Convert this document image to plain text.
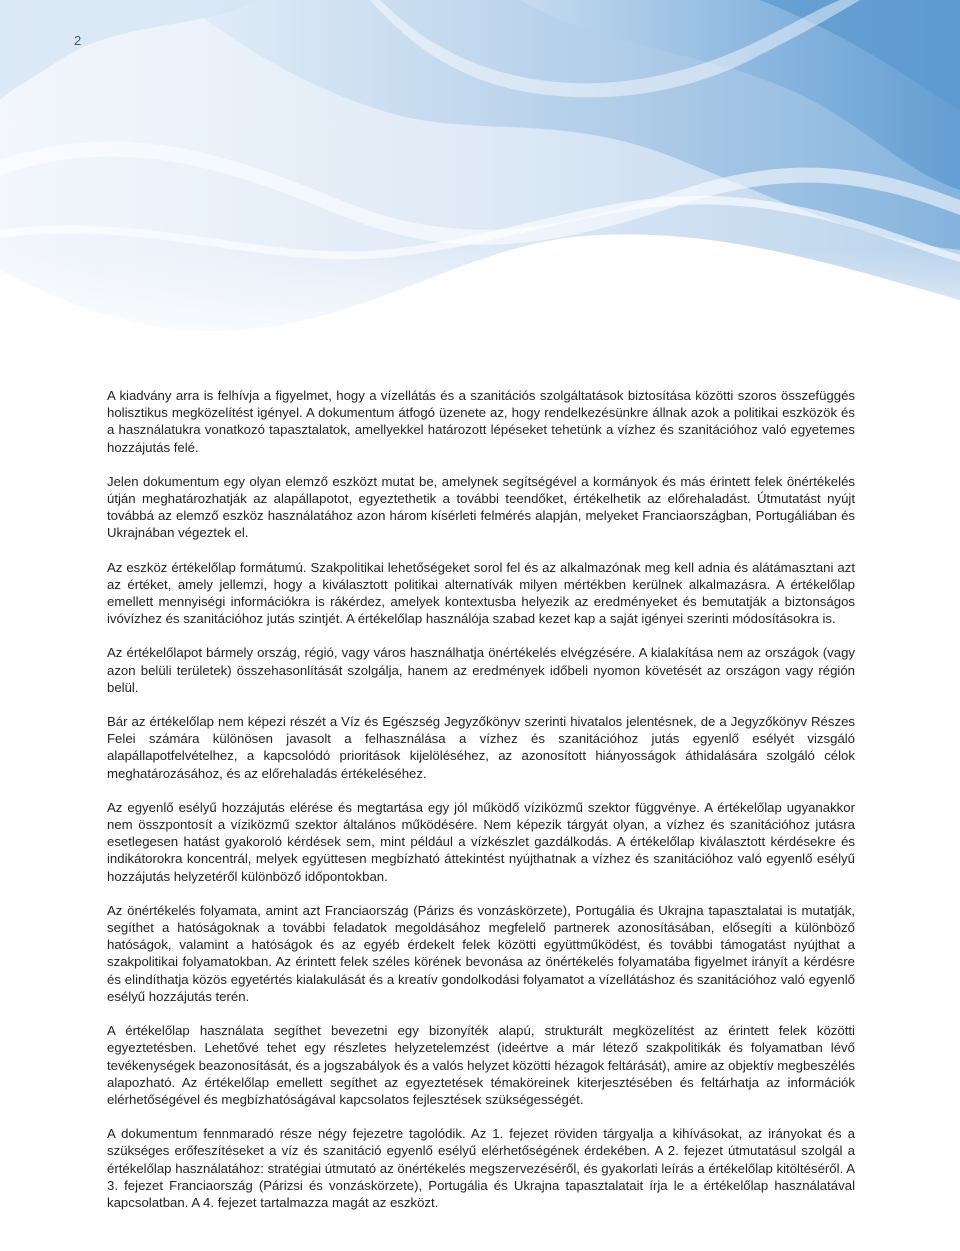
2

A kiadvány arra is felhívja a figyelmet, hogy a vízellátás és a szanitációs szolgáltatások biztosítása közötti szoros összefüggés holisztikus megközelítést igényel. A dokumentum átfogó üzenete az, hogy rendelkezésünkre állnak azok a politikai eszközök és a használatukra vonatkozó tapasztalatok, amellyekkel határozott lépéseket tehetünk a vízhez és szanitációhoz való egyetemes hozzájutás felé.

Jelen dokumentum egy olyan elemző eszközt mutat be, amelynek segítségével a kormányok és más érintett felek önértékelés útján meghatározhatják az alapállapotot, egyeztethetik a további teendőket, értékelhetik az előrehaladást. Útmutatást nyújt továbbá az elemző eszköz használatához azon három kísérleti felmérés alapján, melyeket Franciaországban, Portugáliában és Ukrajnában végeztek el.

Az eszköz értékelőlap formátumú. Szakpolitikai lehetőségeket sorol fel és az alkalmazónak meg kell adnia és alátámasztani azt az értéket, amely jellemzi, hogy a kiválasztott politikai alternatívák milyen mértékben kerülnek alkalmazásra. A értékelőlap emellett mennyiségi információkra is rákérdez, amelyek kontextusba helyezik az eredményeket és bemutatják a biztonságos ivóvízhez és szanitációhoz jutás szintjét. A értékelőlap használója szabad kezet kap a saját igényei szerinti módosításokra is.

Az értékelőlapot bármely ország, régió, vagy város használhatja önértékelés elvégzésére. A kialakítása nem az országok (vagy azon belüli területek) összehasonlítását szolgálja, hanem az eredmények időbeli nyomon követését az országon vagy régión belül.

Bár az értékelőlap nem képezi részét a Víz és Egészség Jegyzőkönyv szerinti hivatalos jelentésnek, de a Jegyzőkönyv Részes Felei számára különösen javasolt a felhasználása a vízhez és szanitációhoz jutás egyenlő esélyét vizsgáló alapállapotfelvételhez, a kapcsolódó prioritások kijelöléséhez, az azonosított hiányosságok áthidalására szolgáló célok meghatározásához, és az előrehaladás értékeléséhez.

Az egyenlő esélyű hozzájutás elérése és megtartása egy jól működő víziközmű szektor függvénye. A értékelőlap ugyanakkor nem összpontosít a víziközmű szektor általános működésére. Nem képezik tárgyát olyan, a vízhez és szanitációhoz jutásra esetlegesen hatást gyakoroló kérdések sem, mint például a vízkészlet gazdálkodás. A értékelőlap kiválasztott kérdésekre és indikátorokra koncentrál, melyek együttesen megbízható áttekintést nyújthatnak a vízhez és szanitációhoz való egyenlő esélyű hozzájutás helyzetéről különböző időpontokban.

Az önértékelés folyamata, amint azt Franciaország (Párizs és vonzáskörzete), Portugália és Ukrajna tapasztalatai is mutatják, segíthet a hatóságoknak a további feladatok megoldásához megfelelő partnerek azonosításában, elősegíti a különböző hatóságok, valamint a hatóságok és az egyéb érdekelt felek közötti együttműködést, és további támogatást nyújthat a szakpolitikai folyamatokban. Az érintett felek széles körének bevonása az önértékelés folyamatába figyelmet irányít a kérdésre és elindíthatja közös egyetértés kialakulását és a kreatív gondolkodási folyamatot a vízellátáshoz és szanitációhoz való egyenlő esélyű hozzájutás terén.

A értékelőlap használata segíthet bevezetni egy bizonyíték alapú, strukturált megközelítést az érintett felek közötti egyeztetésben. Lehetővé tehet egy részletes helyzetelemzést (ideértve a már létező szakpolitikák és folyamatban lévő tevékenységek beazonosítását, és a jogszabályok és a valós helyzet közötti hézagok feltárását), amire az objektív megbeszélés alapozható. Az értékelőlap emellett segíthet az egyeztetések témaköreinek kiterjesztésében és feltárhatja az információk elérhetőségével és megbízhatóságával kapcsolatos fejlesztések szükségességét.

A dokumentum fennmaradó része négy fejezetre tagolódik. Az 1. fejezet röviden tárgyalja a kihívásokat, az irányokat és a szükséges erőfeszítéseket a víz és szanitáció egyenlő esélyű elérhetőségének érdekében. A 2. fejezet útmutatásul szolgál a értékelőlap használatához: stratégiai útmutató az önértékelés megszervezéséről, és gyakorlati leírás a értékelőlap kitöltéséről. A 3. fejezet Franciaország (Párizsi és vonzáskörzete), Portugália és Ukrajna tapasztalatait írja le a értékelőlap használatával kapcsolatban. A 4. fejezet tartalmazza magát az eszközt.
